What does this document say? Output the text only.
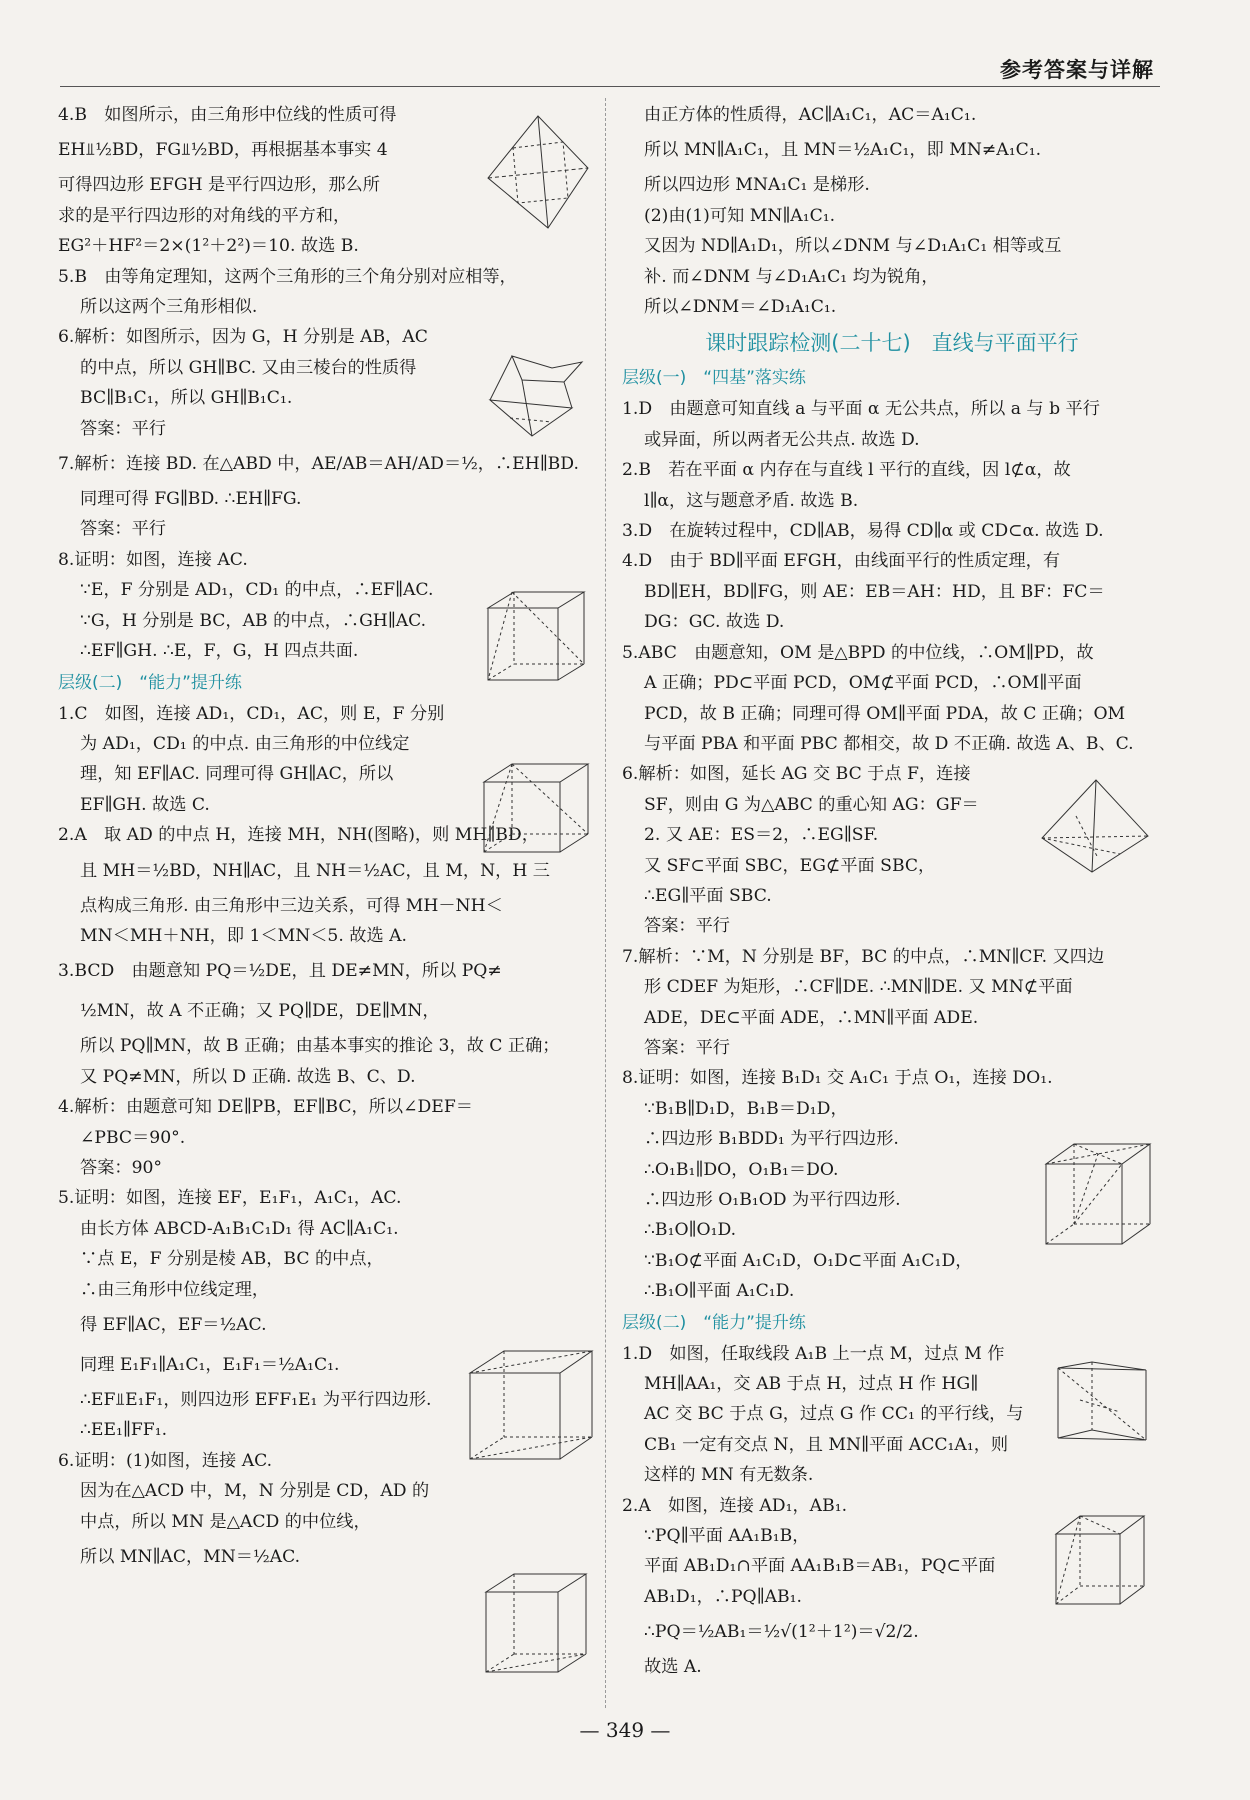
参考答案与详解

4.B　如图所示，由三角形中位线的性质可得

EH⫫½BD，FG⫫½BD，再根据基本事实 4

可得四边形 EFGH 是平行四边形，那么所

求的是平行四边形的对角线的平方和，

EG²＋HF²＝2×(1²＋2²)＝10. 故选 B.

5.B　由等角定理知，这两个三角形的三个角分别对应相等，

所以这两个三角形相似.

6.解析：如图所示，因为 G，H 分别是 AB，AC

的中点，所以 GH∥BC. 又由三棱台的性质得

BC∥B₁C₁，所以 GH∥B₁C₁.

答案：平行

7.解析：连接 BD. 在△ABD 中，AE/AB＝AH/AD＝½，∴EH∥BD.

同理可得 FG∥BD. ∴EH∥FG.

答案：平行

8.证明：如图，连接 AC.

∵E，F 分别是 AD₁，CD₁ 的中点，∴EF∥AC.

∵G，H 分别是 BC，AB 的中点，∴GH∥AC.

∴EF∥GH. ∴E，F，G，H 四点共面.

层级(二)　“能力”提升练

1.C　如图，连接 AD₁，CD₁，AC，则 E，F 分别

为 AD₁，CD₁ 的中点. 由三角形的中位线定

理，知 EF∥AC. 同理可得 GH∥AC，所以

EF∥GH. 故选 C.

2.A　取 AD 的中点 H，连接 MH，NH(图略)，则 MH∥BD，

且 MH＝½BD，NH∥AC，且 NH＝½AC，且 M，N，H 三

点构成三角形. 由三角形中三边关系，可得 MH－NH＜

MN＜MH＋NH，即 1＜MN＜5. 故选 A.

3.BCD　由题意知 PQ＝½DE，且 DE≠MN，所以 PQ≠

½MN，故 A 不正确；又 PQ∥DE，DE∥MN，

所以 PQ∥MN，故 B 正确；由基本事实的推论 3，故 C 正确；

又 PQ≠MN，所以 D 正确. 故选 B、C、D.

4.解析：由题意可知 DE∥PB，EF∥BC，所以∠DEF＝

∠PBC＝90°.

答案：90°

5.证明：如图，连接 EF，E₁F₁，A₁C₁，AC.

由长方体 ABCD-A₁B₁C₁D₁ 得 AC∥A₁C₁.

∵点 E，F 分别是棱 AB，BC 的中点，

∴由三角形中位线定理，

得 EF∥AC，EF＝½AC.

同理 E₁F₁∥A₁C₁，E₁F₁＝½A₁C₁.

∴EF⫫E₁F₁，则四边形 EFF₁E₁ 为平行四边形.

∴EE₁∥FF₁.

6.证明：(1)如图，连接 AC.

因为在△ACD 中，M，N 分别是 CD，AD 的

中点，所以 MN 是△ACD 的中位线，

所以 MN∥AC，MN＝½AC.

由正方体的性质得，AC∥A₁C₁，AC＝A₁C₁.

所以 MN∥A₁C₁，且 MN＝½A₁C₁，即 MN≠A₁C₁.

所以四边形 MNA₁C₁ 是梯形.

(2)由(1)可知 MN∥A₁C₁.

又因为 ND∥A₁D₁，所以∠DNM 与∠D₁A₁C₁ 相等或互

补. 而∠DNM 与∠D₁A₁C₁ 均为锐角，

所以∠DNM＝∠D₁A₁C₁.

课时跟踪检测(二十七)　直线与平面平行
层级(一)　“四基”落实练

1.D　由题意可知直线 a 与平面 α 无公共点，所以 a 与 b 平行

或异面，所以两者无公共点. 故选 D.

2.B　若在平面 α 内存在与直线 l 平行的直线，因 l⊄α，故

l∥α，这与题意矛盾. 故选 B.

3.D　在旋转过程中，CD∥AB，易得 CD∥α 或 CD⊂α. 故选 D.

4.D　由于 BD∥平面 EFGH，由线面平行的性质定理，有

BD∥EH，BD∥FG，则 AE：EB＝AH：HD，且 BF：FC＝

DG：GC. 故选 D.

5.ABC　由题意知，OM 是△BPD 的中位线，∴OM∥PD，故

A 正确；PD⊂平面 PCD，OM⊄平面 PCD，∴OM∥平面

PCD，故 B 正确；同理可得 OM∥平面 PDA，故 C 正确；OM

与平面 PBA 和平面 PBC 都相交，故 D 不正确. 故选 A、B、C.

6.解析：如图，延长 AG 交 BC 于点 F，连接

SF，则由 G 为△ABC 的重心知 AG：GF＝

2. 又 AE：ES＝2，∴EG∥SF.

又 SF⊂平面 SBC，EG⊄平面 SBC，

∴EG∥平面 SBC.

答案：平行

7.解析：∵M，N 分别是 BF，BC 的中点，∴MN∥CF. 又四边

形 CDEF 为矩形，∴CF∥DE. ∴MN∥DE. 又 MN⊄平面

ADE，DE⊂平面 ADE，∴MN∥平面 ADE.

答案：平行

8.证明：如图，连接 B₁D₁ 交 A₁C₁ 于点 O₁，连接 DO₁.

∵B₁B∥D₁D，B₁B＝D₁D，

∴四边形 B₁BDD₁ 为平行四边形.

∴O₁B₁∥DO，O₁B₁＝DO.

∴四边形 O₁B₁OD 为平行四边形.

∴B₁O∥O₁D.

∵B₁O⊄平面 A₁C₁D，O₁D⊂平面 A₁C₁D，

∴B₁O∥平面 A₁C₁D.

层级(二)　“能力”提升练

1.D　如图，任取线段 A₁B 上一点 M，过点 M 作

MH∥AA₁，交 AB 于点 H，过点 H 作 HG∥

AC 交 BC 于点 G，过点 G 作 CC₁ 的平行线，与

CB₁ 一定有交点 N，且 MN∥平面 ACC₁A₁，则

这样的 MN 有无数条.

2.A　如图，连接 AD₁，AB₁.

∵PQ∥平面 AA₁B₁B，

平面 AB₁D₁∩平面 AA₁B₁B＝AB₁，PQ⊂平面

AB₁D₁，∴PQ∥AB₁.

∴PQ＝½AB₁＝½√(1²＋1²)＝√2/2.

故选 A.

— 349 —
